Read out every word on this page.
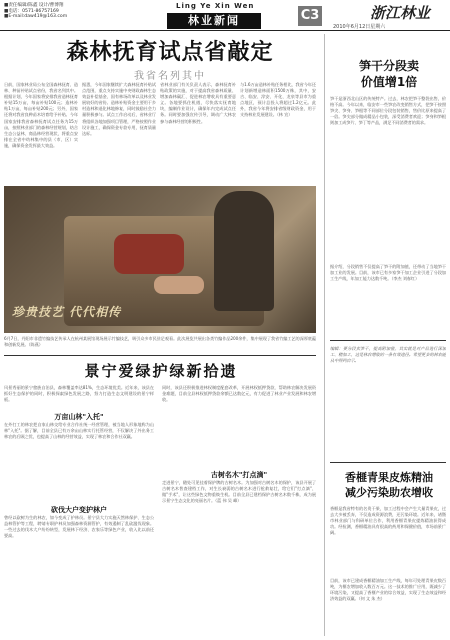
■责任编辑/陈鑫 设计/曹博翔
■电话：0571-86757169
■E-mail:daw419@163.com
Ling Ye Xin Wen
林业新闻	C3	浙江林业
2010年6月12日星期六
森林抚育试点省敲定
我省名列其中
日前，国家林业局公布全国森林抚育、造林、种苗补贴试点省份，我省名列其中。根据计划，今年国家将安排我省造林抚育补贴15万亩，每亩补贴100元；造林补贴1万亩，每亩补贴200元；另外，国家还将对我省良种苗木培育给予补贴。今年国家安排我省森林抚育试点任务为15万亩，按照林业部门的森林经营规划，结合生态公益林、商品林经营现状，将重点安排在全省中幼林集中的县（市、区）实施，确保资金发挥最大效益。
据悉，今年国家继续扩大森林抚育补贴试点范围，重点支持实施中央财政森林生态效益补偿基金、国有林场改革以及林业发展较好的省份。造林补贴资金主要用于乡村造林和退化林地修复，同时鼓励社会力量积极参与。试点工作启动后，省林业厅将组织各地加强项目管理，严格按照作业设计施工，确保资金专款专用，抚育质量达标。
省林业部门有关负责人表示，森林抚育补贴政策的实施，对于提高我省森林质量、增加森林碳汇、促进林农增收具有重要意义。各地要抓住机遇，尽快落实抚育地块，编制作业设计，确保年内完成试点任务。同时要加强宣传引导，调动广大林农参与森林经营的积极性。
与1.6万亩造林补贴任务相比，我省今年还计划新增造林面积1500万株，其中，安吉、临安、淳安、开化、龙泉等县市为重点地区，预计总投入将超过1.2亿元。此外，我省今年将安排省级财政资金，用于支持林业发展建设。（林 宣）
珍贵技艺 代代相传
6月7日，丹阳市非遗竹编技艺传承人在杭州某展馆现场展示竹编技艺，吸引众多市民驻足观看。此次展览共展出各类竹编作品200余件，集中展现了我省竹编工艺的深厚底蕴和创新发展。（陈燕）
景宁爱绿护绿新拾遗
风景秀丽的景宁畲族自治县，森林覆盖率达81%，生态环境优美。近年来，该县在抓好生态保护的同时，积极探索绿色发展之路，努力打造生态文明建设的景宁样板。
万亩山林"入托"
在外打工的林农把自家山林交给专业合作社统一经营管理，被当地人形象地称为山林"入托"。据了解，目前全县已有万余亩山林实行托管经营，不仅解决了外出务工林农的后顾之忧，也提高了山林的经营效益，实现了林农和合作社双赢。
砍伐大户变护林户
曾经以砍树为生的林农，如今变成了护林员。景宁县大力实施天然林保护、生态公益林管护等工程，聘请专职护林员加强森林资源管护，有效遏制了乱砍滥伐现象。一些过去的伐木大户纷纷转型，发展林下经济、农家乐等绿色产业，收入比以前还要高。
同时，该县还积极推进林权制度配套改革，开展林权抵押贷款，帮助林农解决发展资金难题，目前全县林权抵押贷款余额已达数亿元，有力促进了林业产业发展和林农增收。
古树名木"打点滴"
走进景宁，随处可见挂着保护牌的古树名木。为加强对古树名木的保护，该县开展了古树名木普查建档工作，对生长衰弱的古树名木进行抢救复壮，给它们"打点滴"、做"手术"，让这些绿色文物重焕生机。目前全县已建档保护古树名木数千株，成为展示景宁生态文化的亮丽名片。（蓝 伟 吴 峰）
笋干分段卖
价值增1倍
笋干是浙西北山区的传统特产。过去，林农把笋干整袋出售，价格不高。今年以来，临安市一些笋农改变销售方式，把笋干按照笋尖、笋身、笋根等不同部位分段包装销售，售价比原来提高了一倍。笋尖部分做成精品小包装，深受消费者欢迎；笋身和笋根则加工成笋片、笋丁等产品，满足不同消费者的需求。
据介绍，分段销售不仅提高了笋干的附加值，还带动了当地笋干加工业的发展。目前，该市已有多家笋干加工企业引进了分段加工生产线，年加工能力达数千吨。（李杰 刘春红）
编辑：要分段卖笋干，提高附加值，其实就是对产品进行深加工、精加工，这是林农增收的一条有效途径。希望更多的林农能从中得到启示。
香榧青果皮炼精油
减少污染助农增收
香榧是我省特有的名贵干果，加工过程中会产生大量青果皮，过去大多被丢弃，不仅造成资源浪费，还污染环境。近年来，诸暨市林业部门与科研单位合作，利用香榧青果皮提炼精油获得成功。经检测，香榧精油具有很高的药用和保健价值，市场前景广阔。
目前，该市已建成香榧精油加工生产线，每年可处理青果皮数百吨，为榧农增加收入数百万元。这一技术的推广应用，既减少了环境污染，又提高了香榧产业的综合效益，实现了生态效益和经济效益的双赢。（何 文 朱 杰）
